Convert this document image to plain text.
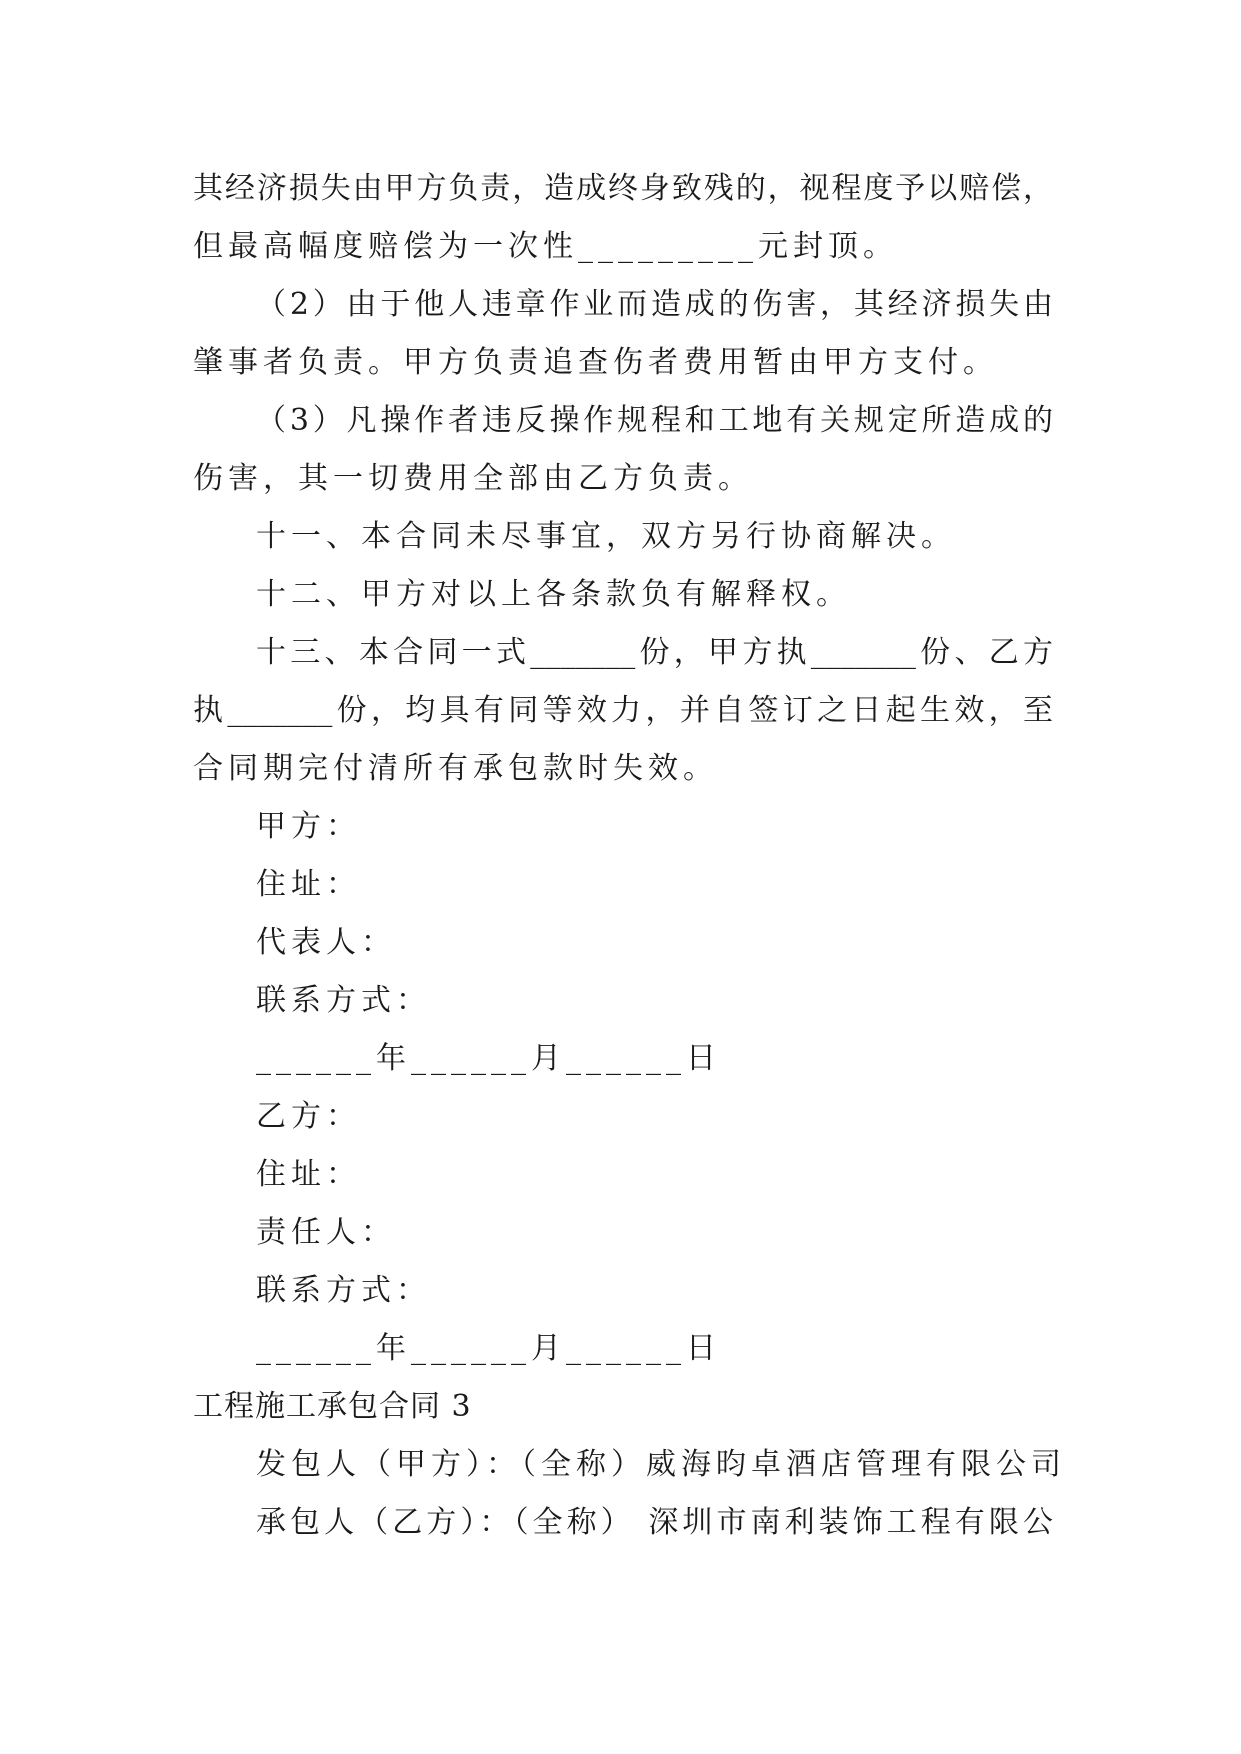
其经济损失由甲方负责，造成终身致残的，视程度予以赔偿，
但最高幅度赔偿为一次性_________元封顶。
（2）由于他人违章作业而造成的伤害，其经济损失由
肇事者负责。甲方负责追查伤者费用暂由甲方支付。
（3）凡操作者违反操作规程和工地有关规定所造成的
伤害，其一切费用全部由乙方负责。
十一、本合同未尽事宜，双方另行协商解决。
十二、甲方对以上各条款负有解释权。
十三、本合同一式_______份，甲方执_______份、乙方
执_______份，均具有同等效力，并自签订之日起生效，至
合同期完付清所有承包款时失效。
甲方：
住址：
代表人：
联系方式：
______年______月______日
乙方：
住址：
责任人：
联系方式：
______年______月______日
工程施工承包合同 3
发包人（甲方）：（全称）威海昀卓酒店管理有限公司
承包人（乙方）：（全称） 深圳市南利装饰工程有限公
